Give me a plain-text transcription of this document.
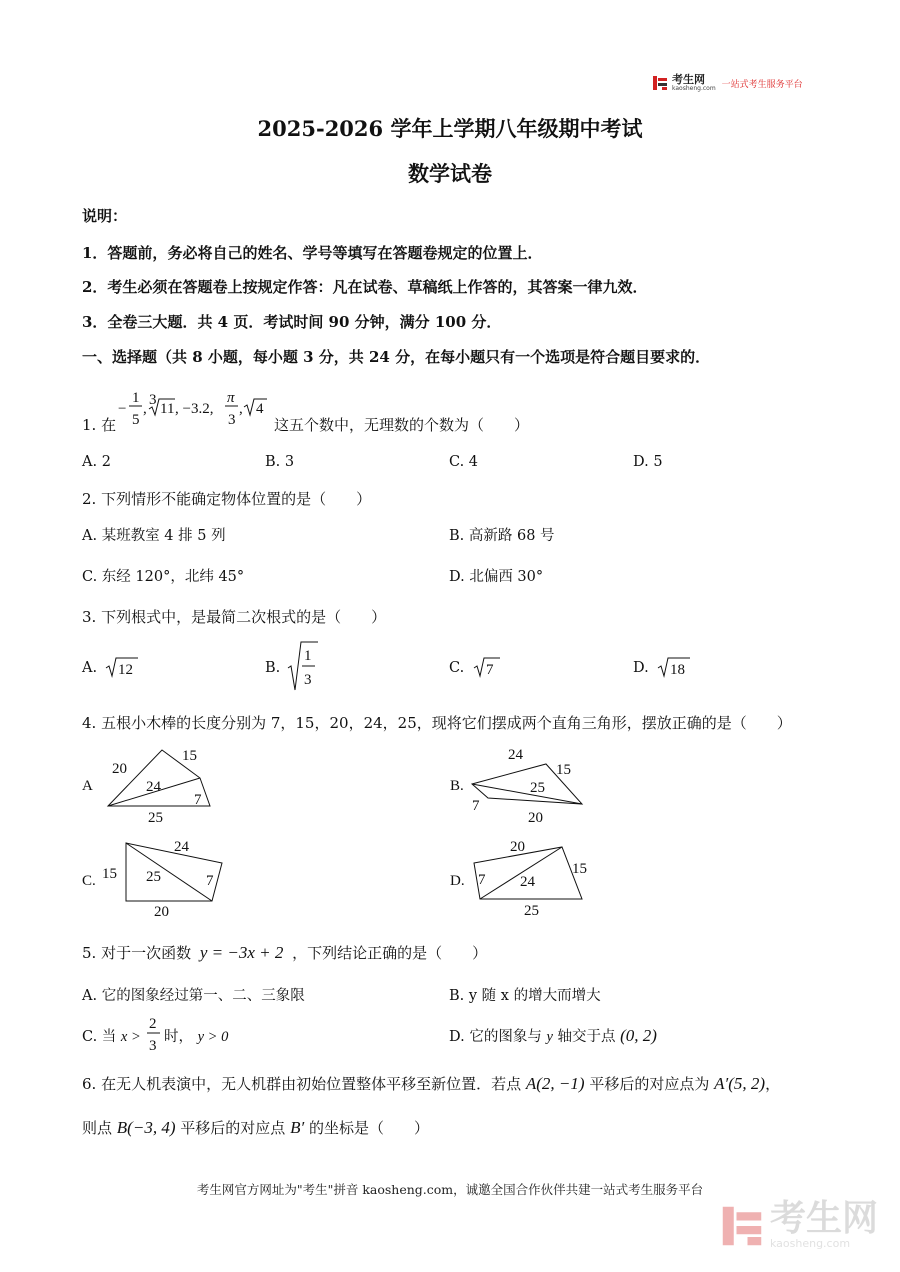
考生网
kaosheng.com 一站式考生服务平台
2025-2026 学年上学期八年级期中考试
数学试卷
说明：
1．答题前，务必将自己的姓名、学号等填写在答题卷规定的位置上．
2．考生必须在答题卷上按规定作答：凡在试卷、草稿纸上作答的，其答案一律九效．
3．全卷三大题．共 4 页．考试时间 90 分钟，满分 100 分．
一、选择题（共 8 小题，每小题 3 分，共 24 分，在每小题只有一个选项是符合题目要求的．
1. 在
−
1
5
,
3
11 , −3.2,
π
3
, 4
这五个数中，无理数的个数为（　　）
A. 2	B. 3	C. 4	D. 5
2. 下列情形不能确定物体位置的是（　　）
A. 某班教室 4 排 5 列	B. 高新路 68 号
C. 东经 120°，北纬 45°	D. 北偏西 30°
3. 下列根式中，是最简二次根式的是（　　）
A. 12	B.
1
3
C. 7	D. 18
4. 五根小木棒的长度分别为 7，15，20，24，25，现将它们摆成两个直角三角形，摆放正确的是（　　）
A
20
15
24
7
25
B.
24
15
25
7
20
C.
24
15 25	7
20
D.
20
15
7 24
25
5. 对于一次函数 y = −3x + 2 ，下列结论正确的是（　　）
A. 它的图象经过第一、二、三象限	B. y 随 x 的增大而增大
C. 当 x >
2
3
时， y > 0	D. 它的图象与 y 轴交于点 (0, 2)
6. 在无人机表演中，无人机群由初始位置整体平移至新位置．若点 A(2, −1) 平移后的对应点为 A′(5, 2)，
则点 B(−3, 4) 平移后的对应点 B′ 的坐标是（　　）
考生网官方网址为"考生"拼音 kaosheng.com，诚邀全国合作伙伴共建一站式考生服务平台
考生网
kaosheng.com
